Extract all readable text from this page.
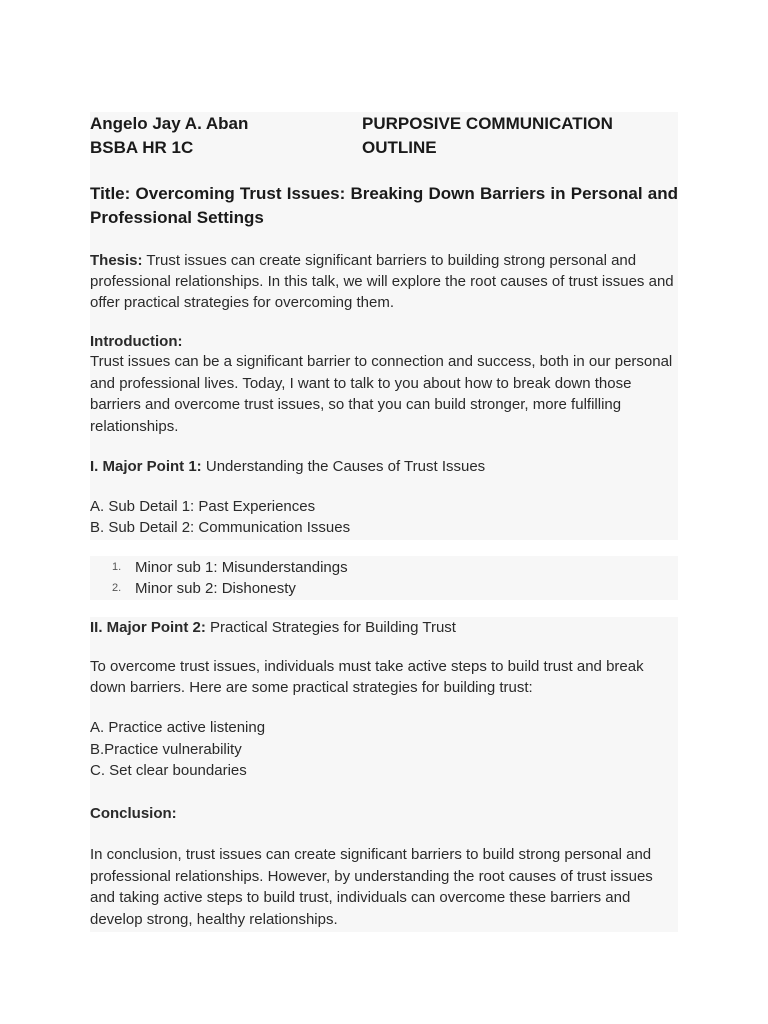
Angelo Jay A. Aban
BSBA HR 1C
PURPOSIVE COMMUNICATION
OUTLINE
Title: Overcoming Trust Issues: Breaking Down Barriers in Personal and Professional Settings
Thesis: Trust issues can create significant barriers to building strong personal and professional relationships. In this talk, we will explore the root causes of trust issues and offer practical strategies for overcoming them.
Introduction:
Trust issues can be a significant barrier to connection and success, both in our personal and professional lives. Today, I want to talk to you about how to break down those barriers and overcome trust issues, so that you can build stronger, more fulfilling relationships.
I. Major Point 1: Understanding the Causes of Trust Issues
A. Sub Detail 1: Past Experiences
B. Sub Detail 2: Communication Issues
1. Minor sub 1: Misunderstandings
2. Minor sub 2: Dishonesty
II. Major Point 2: Practical Strategies for Building Trust
To overcome trust issues, individuals must take active steps to build trust and break down barriers. Here are some practical strategies for building trust:
A. Practice active listening
B.Practice vulnerability
C. Set clear boundaries
Conclusion:
In conclusion, trust issues can create significant barriers to build strong personal and professional relationships. However, by understanding the root causes of trust issues and taking active steps to build trust, individuals can overcome these barriers and develop strong, healthy relationships.
